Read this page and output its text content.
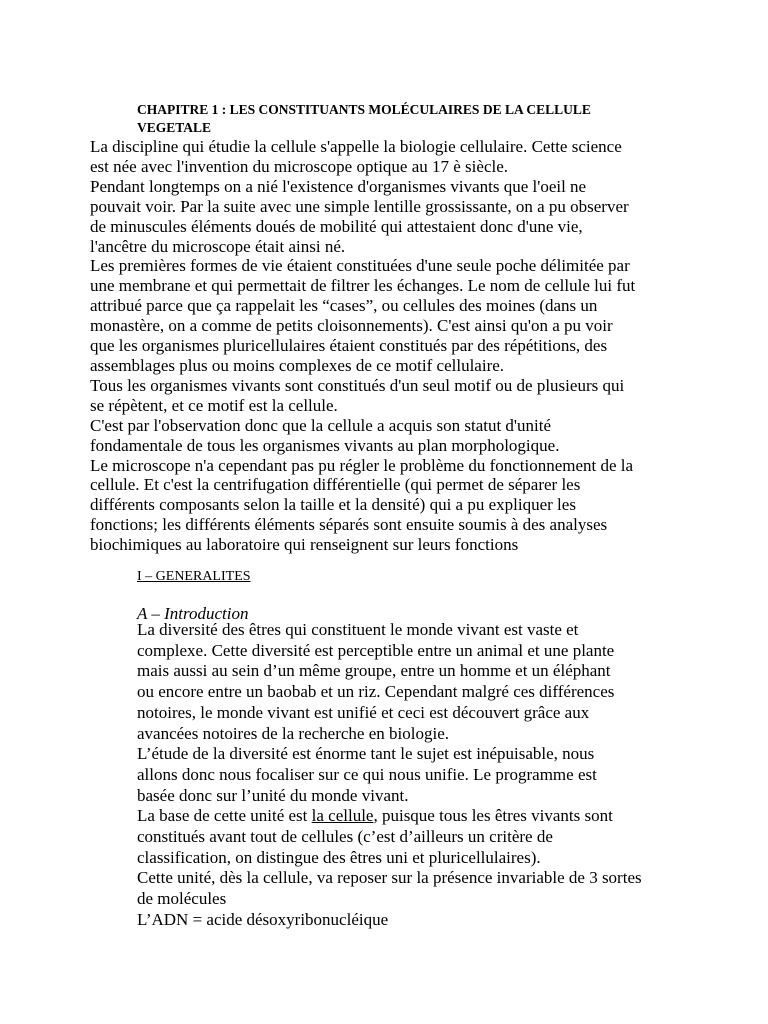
CHAPITRE 1 : LES CONSTITUANTS MOLÉCULAIRES DE LA CELLULE
VEGETALE
La discipline qui étudie la cellule s'appelle la biologie cellulaire. Cette science
est née avec l'invention du microscope optique au 17 è siècle.
Pendant longtemps on a nié l'existence d'organismes vivants que l'oeil ne
pouvait voir. Par la suite avec une simple lentille grossissante, on a pu observer
de minuscules éléments doués de mobilité qui attestaient donc d'une vie,
l'ancêtre du microscope était ainsi né.
Les premières formes de vie étaient constituées d'une seule poche délimitée par
une membrane et qui permettait de filtrer les échanges. Le nom de cellule lui fut
attribué parce que ça rappelait les “cases”, ou cellules des moines (dans un
monastère, on a comme de petits cloisonnements). C'est ainsi qu'on a pu voir
que les organismes pluricellulaires étaient constitués par des répétitions, des
assemblages plus ou moins complexes de ce motif cellulaire.
Tous les organismes vivants sont constitués d'un seul motif ou de plusieurs qui
se répètent, et ce motif est la cellule.
C'est par l'observation donc que la cellule a acquis son statut d'unité
fondamentale de tous les organismes vivants au plan morphologique.
Le microscope n'a cependant pas pu régler le problème du fonctionnement de la
cellule. Et c'est la centrifugation différentielle (qui permet de séparer les
différents composants selon la taille et la densité) qui a pu expliquer les
fonctions; les différents éléments séparés sont ensuite soumis à des analyses
biochimiques au laboratoire qui renseignent sur leurs fonctions
I – GENERALITES
A – Introduction
La diversité des êtres qui constituent le monde vivant est vaste et
complexe. Cette diversité est perceptible entre un animal et une plante
mais aussi au sein d’un même groupe, entre un homme et un éléphant
ou encore entre un baobab et un riz. Cependant malgré ces différences
notoires, le monde vivant est unifié et ceci est découvert grâce aux
avancées notoires de la recherche en biologie.
L’étude de la diversité est énorme tant le sujet est inépuisable, nous
allons donc nous focaliser sur ce qui nous unifie. Le programme est
basée donc sur l’unité du monde vivant.
La base de cette unité est la cellule, puisque tous les êtres vivants sont
constitués avant tout de cellules (c’est d’ailleurs un critère de
classification, on distingue des êtres uni et pluricellulaires).
Cette unité, dès la cellule, va reposer sur la présence invariable de 3 sortes
de molécules
L’ADN = acide désoxyribonucléique
